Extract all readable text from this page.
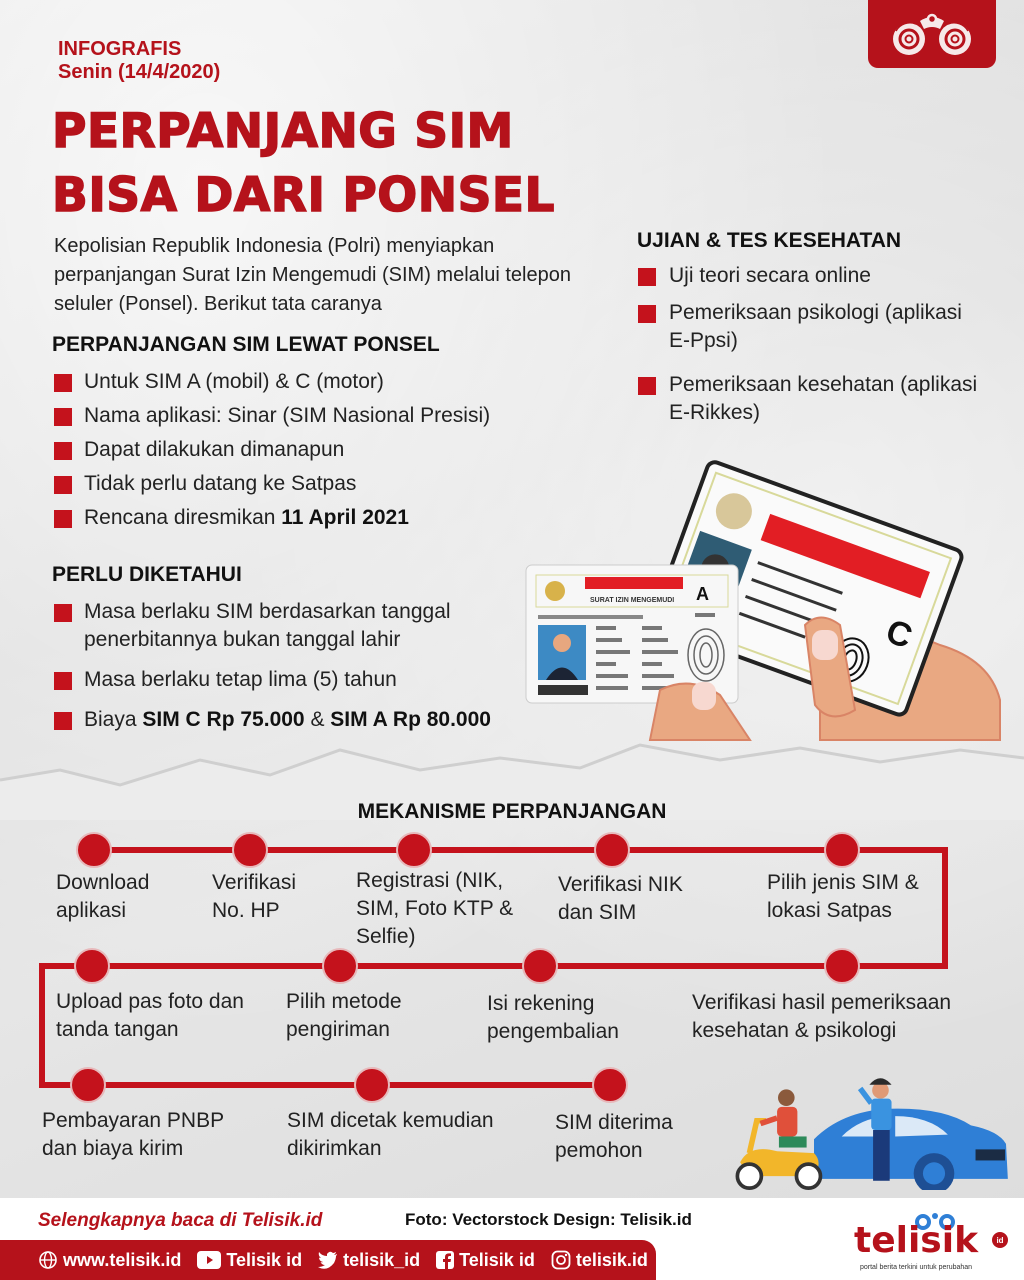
INFOGRAFIS
Senin (14/4/2020)
PERPANJANG SIM
BISA DARI PONSEL

Kepolisian Republik Indonesia (Polri) menyiapkan perpanjangan Surat Izin Mengemudi (SIM) melalui telepon seluler (Ponsel). Berikut tata caranya

PERPANJANGAN SIM LEWAT PONSEL
Untuk SIM A (mobil) & C (motor)
Nama aplikasi: Sinar (SIM Nasional Presisi)
Dapat dilakukan dimanapun
Tidak perlu datang ke Satpas
Rencana diresmikan 11 April 2021
UJIAN & TES KESEHATAN
Uji teori secara online
Pemeriksaan psikologi (aplikasi E-Ppsi)
Pemeriksaan kesehatan (aplikasi E-Rikkes)
PERLU DIKETAHUI
Masa berlaku SIM berdasarkan tanggal penerbitannya bukan tanggal lahir
Masa berlaku tetap lima (5) tahun
Biaya SIM C Rp 75.000 & SIM A Rp 80.000
C
SURAT IZIN MENGEMUDI A
MEKANISME PERPANJANGAN
Download aplikasi
Verifikasi No. HP
Registrasi (NIK, SIM, Foto KTP & Selfie)
Verifikasi NIK dan SIM
Pilih jenis SIM & lokasi Satpas
Verifikasi hasil pemeriksaan kesehatan & psikologi
Isi rekening pengembalian
Pilih metode pengiriman
Upload pas foto dan tanda tangan
Pembayaran PNBP dan biaya kirim
SIM dicetak kemudian dikirimkan
SIM diterima pemohon
Selengkapnya baca di Telisik.id	Foto: Vectorstock Design: Telisik.id
www.telisik.id	Telisik id telisik_id Telisik id telisik.id	telisik	id
portal berita terkini untuk perubahan
